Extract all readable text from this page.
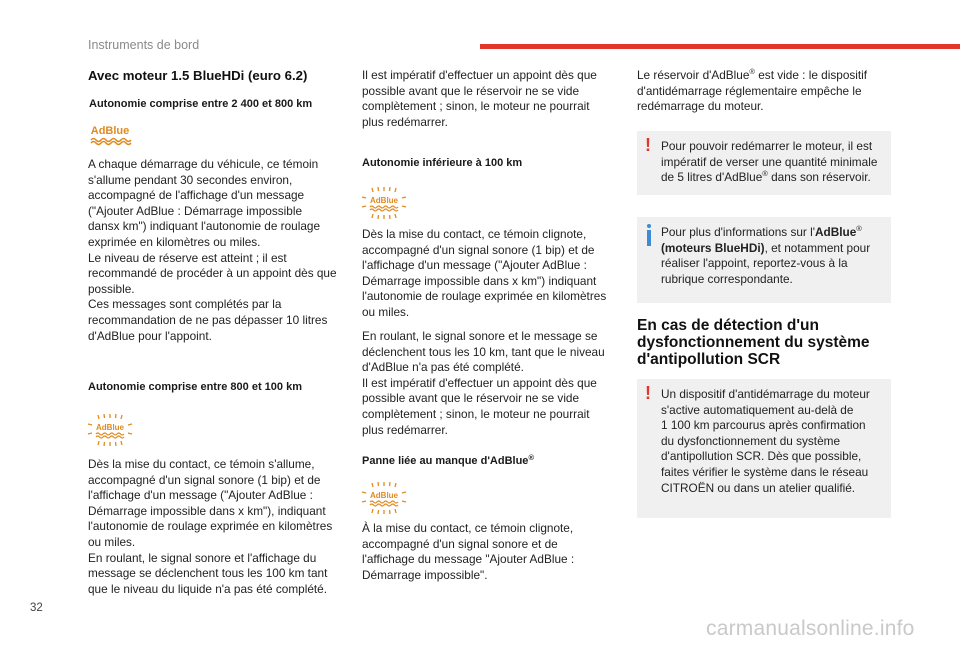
Instruments de bord

Avec moteur 1.5 BlueHDi (euro 6.2)

Autonomie comprise entre 2 400 et 800 km

AdBlue

A chaque démarrage du véhicule, ce témoin

s'allume pendant 30 secondes environ,

accompagné de l'affichage d'un message

("Ajouter AdBlue : Démarrage impossible

dansx km") indiquant l'autonomie de roulage

exprimée en kilomètres ou miles.

Le niveau de réserve est atteint ; il est

recommandé de procéder à un appoint dès que

possible.

Ces messages sont complétés par la

recommandation de ne pas dépasser 10 litres

d'AdBlue pour l'appoint.

Autonomie comprise entre 800 et 100 km

AdBlue

Dès la mise du contact, ce témoin s'allume,

accompagné d'un signal sonore (1 bip) et de

l'affichage d'un message ("Ajouter AdBlue :

Démarrage impossible dans x km"), indiquant

l'autonomie de roulage exprimée en kilomètres

ou miles.

En roulant, le signal sonore et l'affichage du

message se déclenchent tous les 100 km tant

que le niveau du liquide n'a pas été complété.

Il est impératif d'effectuer un appoint dès que

possible avant que le réservoir ne se vide

complètement ; sinon, le moteur ne pourrait

plus redémarrer.

Autonomie inférieure à 100 km

AdBlue

Dès la mise du contact, ce témoin clignote,

accompagné d'un signal sonore (1 bip) et de

l'affichage d'un message ("Ajouter AdBlue :

Démarrage impossible dans x km") indiquant

l'autonomie de roulage exprimée en kilomètres

ou miles.

En roulant, le signal sonore et le message se

déclenchent tous les 10 km, tant que le niveau

d'AdBlue n'a pas été complété.

Il est impératif d'effectuer un appoint dès que

possible avant que le réservoir ne se vide

complètement ; sinon, le moteur ne pourrait

plus redémarrer.

Panne liée au manque d'AdBlue®

AdBlue

À la mise du contact, ce témoin clignote,

accompagné d'un signal sonore et de

l'affichage du message "Ajouter AdBlue :

Démarrage impossible".

Le réservoir d'AdBlue® est vide : le dispositif

d'antidémarrage réglementaire empêche le

redémarrage du moteur.

! Pour pouvoir redémarrer le moteur, il est

impératif de verser une quantité minimale

de 5 litres d'AdBlue® dans son réservoir.

Pour plus d'informations sur l'AdBlue®

(moteurs BlueHDi), et notamment pour

réaliser l'appoint, reportez-vous à la

rubrique correspondante.

En cas de détection d'un

dysfonctionnement du système

d'antipollution SCR

! Un dispositif d'antidémarrage du moteur

s'active automatiquement au-delà de

1 100 km parcourus après confirmation

du dysfonctionnement du système

d'antipollution SCR. Dès que possible,

faites vérifier le système dans le réseau

CITROËN ou dans un atelier qualifié.

32
carmanualsonline.info
